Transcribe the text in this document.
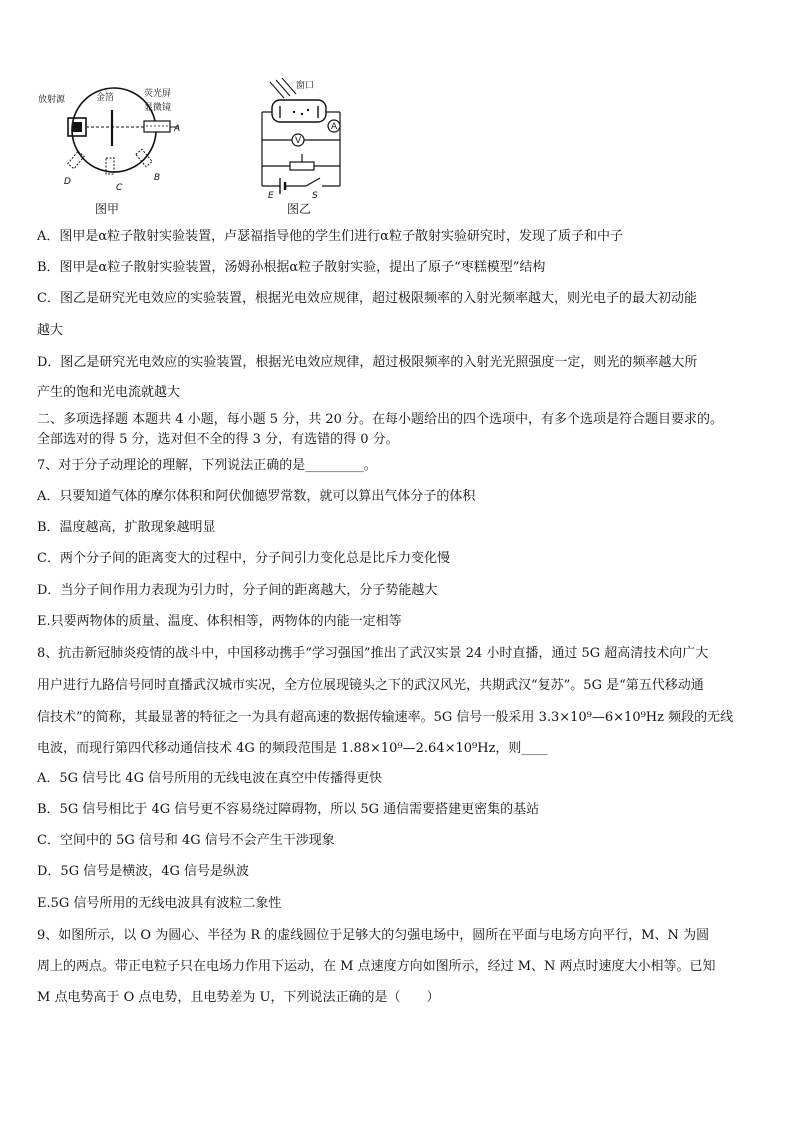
放射源	金箔	荧光屏
显微镜
A
B
C
D
图甲
窗口
A
V
E	S
图乙
A．图甲是α粒子散射实验装置，卢瑟福指导他的学生们进行α粒子散射实验研究时，发现了质子和中子
B．图甲是α粒子散射实验装置，汤姆孙根据α粒子散射实验，提出了原子“枣糕模型”结构
C．图乙是研究光电效应的实验装置，根据光电效应规律，超过极限频率的入射光频率越大，则光电子的最大初动能
越大
D．图乙是研究光电效应的实验装置，根据光电效应规律，超过极限频率的入射光光照强度一定，则光的频率越大所
产生的饱和光电流就越大
二、多项选择题 本题共 4 小题，每小题 5 分，共 20 分。在每小题给出的四个选项中，有多个选项是符合题目要求的。
全部选对的得 5 分，选对但不全的得 3 分，有选错的得 0 分。
7、对于分子动理论的理解，下列说法正确的是_________。
A．只要知道气体的摩尔体积和阿伏伽德罗常数，就可以算出气体分子的体积
B．温度越高，扩散现象越明显
C．两个分子间的距离变大的过程中，分子间引力变化总是比斥力变化慢
D．当分子间作用力表现为引力时，分子间的距离越大，分子势能越大
E.只要两物体的质量、温度、体积相等，两物体的内能一定相等
8、抗击新冠肺炎疫情的战斗中，中国移动携手“学习强国”推出了武汉实景 24 小时直播，通过 5G 超高清技术向广大
用户进行九路信号同时直播武汉城市实况，全方位展现镜头之下的武汉风光，共期武汉“复苏”。5G 是“第五代移动通
信技术”的简称，其最显著的特征之一为具有超高速的数据传输速率。5G 信号一般采用 3.3×10⁹—6×10⁹Hz 频段的无线
电波，而现行第四代移动通信技术 4G 的频段范围是 1.88×10⁹—2.64×10⁹Hz，则____
A．5G 信号比 4G 信号所用的无线电波在真空中传播得更快
B．5G 信号相比于 4G 信号更不容易绕过障碍物，所以 5G 通信需要搭建更密集的基站
C．空间中的 5G 信号和 4G 信号不会产生干涉现象
D．5G 信号是横波，4G 信号是纵波
E.5G 信号所用的无线电波具有波粒二象性
9、如图所示，以 O 为圆心、半径为 R 的虚线圆位于足够大的匀强电场中，圆所在平面与电场方向平行，M、N 为圆
周上的两点。带正电粒子只在电场力作用下运动，在 M 点速度方向如图所示，经过 M、N 两点时速度大小相等。已知
M 点电势高于 O 点电势，且电势差为 U，下列说法正确的是（　　）
